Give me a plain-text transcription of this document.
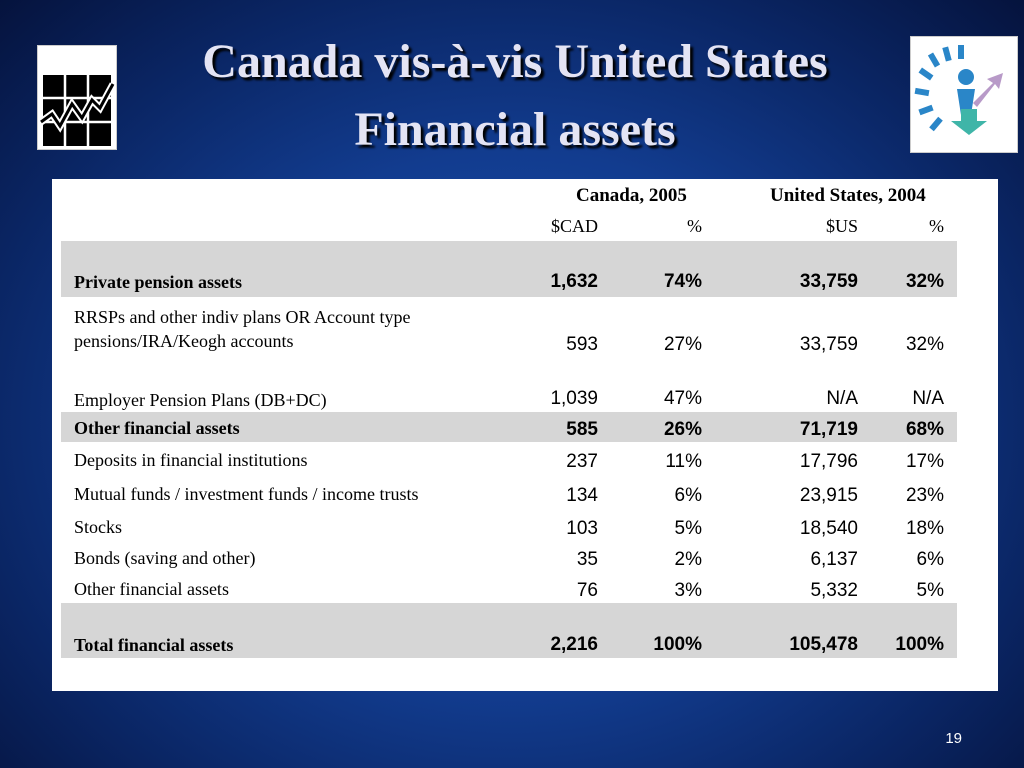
Canada vis-à-vis United States
Financial assets
Canada, 2005	United States, 2004
$CAD	%	$US	%
Private pension assets	1,632	74%	33,759	32%
RRSPs and other indiv plans OR Account type
pensions/IRA/Keogh accounts	593	27%	33,759	32%
Employer Pension Plans (DB+DC)	1,039	47%	N/A	N/A
Other financial assets	585	26%	71,719	68%
Deposits in financial institutions	237	11%	17,796	17%
Mutual funds / investment funds / income trusts	134	6%	23,915	23%
Stocks	103	5%	18,540	18%
Bonds (saving and other)	35	2%	6,137	6%
Other financial assets	76	3%	5,332	5%
Total financial assets	2,216	100%	105,478 100%
19
